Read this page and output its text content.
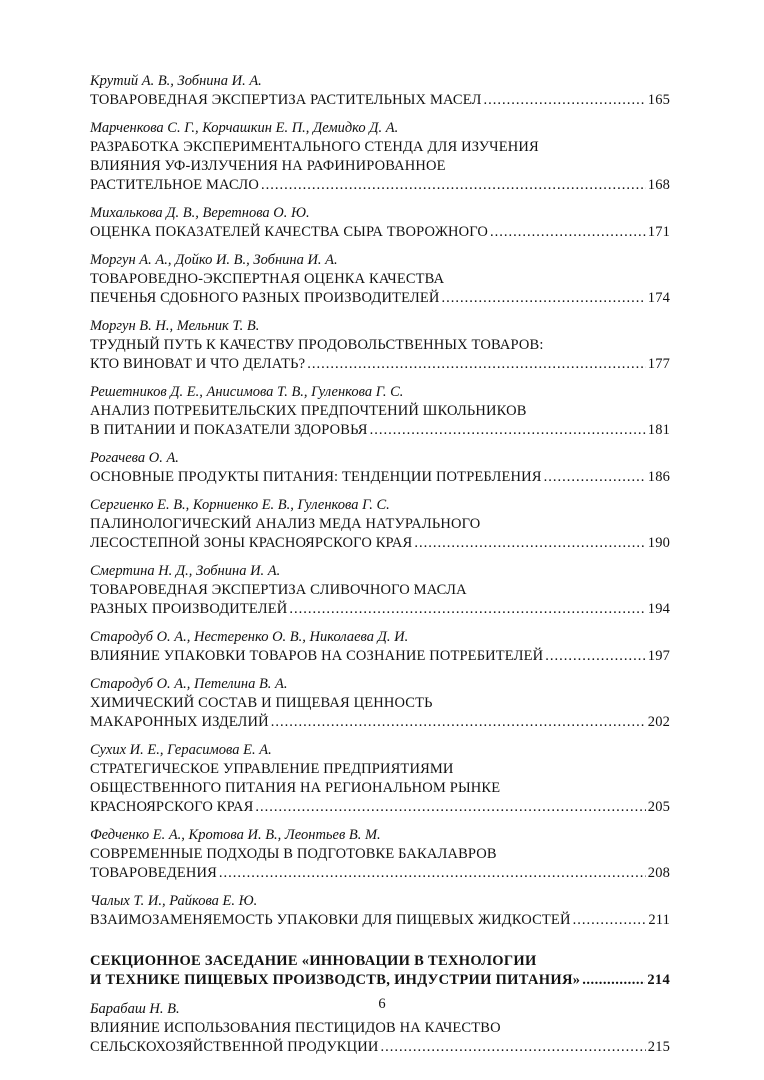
Крутий А. В., Зобнина И. А.
ТОВАРОВЕДНАЯ ЭКСПЕРТИЗА РАСТИТЕЛЬНЫХ МАСЕЛ .....	165
Марченкова С. Г., Корчашкин Е. П., Демидко Д. А.
РАЗРАБОТКА ЭКСПЕРИМЕНТАЛЬНОГО СТЕНДА ДЛЯ ИЗУЧЕНИЯ
ВЛИЯНИЯ УФ-ИЗЛУЧЕНИЯ НА РАФИНИРОВАННОЕ
РАСТИТЕЛЬНОЕ МАСЛО .....	168
Михалькова Д. В., Веретнова О. Ю.
ОЦЕНКА ПОКАЗАТЕЛЕЙ КАЧЕСТВА СЫРА ТВОРОЖНОГО .....	171
Моргун А. А., Дойко И. В., Зобнина И. А.
ТОВАРОВЕДНО-ЭКСПЕРТНАЯ ОЦЕНКА КАЧЕСТВА
ПЕЧЕНЬЯ СДОБНОГО РАЗНЫХ ПРОИЗВОДИТЕЛЕЙ .....	174
Моргун В. Н., Мельник Т. В.
ТРУДНЫЙ ПУТЬ К КАЧЕСТВУ ПРОДОВОЛЬСТВЕННЫХ ТОВАРОВ:
КТО ВИНОВАТ И ЧТО ДЕЛАТЬ? .....	177
Решетников Д. Е., Анисимова Т. В., Гуленкова Г. С.
АНАЛИЗ ПОТРЕБИТЕЛЬСКИХ ПРЕДПОЧТЕНИЙ ШКОЛЬНИКОВ
В ПИТАНИИ И ПОКАЗАТЕЛИ ЗДОРОВЬЯ .....	181
Рогачева О. А.
ОСНОВНЫЕ ПРОДУКТЫ ПИТАНИЯ: ТЕНДЕНЦИИ ПОТРЕБЛЕНИЯ .....	186
Сергиенко Е. В., Корниенко Е. В., Гуленкова Г. С.
ПАЛИНОЛОГИЧЕСКИЙ АНАЛИЗ МЕДА НАТУРАЛЬНОГО
ЛЕСОСТЕПНОЙ ЗОНЫ КРАСНОЯРСКОГО КРАЯ .....	190
Смертина Н. Д., Зобнина И. А.
ТОВАРОВЕДНАЯ ЭКСПЕРТИЗА СЛИВОЧНОГО МАСЛА
РАЗНЫХ ПРОИЗВОДИТЕЛЕЙ .....	194
Стародуб О. А., Нестеренко О. В., Николаева Д. И.
ВЛИЯНИЕ УПАКОВКИ ТОВАРОВ НА СОЗНАНИЕ ПОТРЕБИТЕЛЕЙ .....	197
Стародуб О. А., Петелина В. А.
ХИМИЧЕСКИЙ СОСТАВ И ПИЩЕВАЯ ЦЕННОСТЬ
МАКАРОННЫХ ИЗДЕЛИЙ .....	202
Сухих И. Е., Герасимова Е. А.
СТРАТЕГИЧЕСКОЕ УПРАВЛЕНИЕ ПРЕДПРИЯТИЯМИ
ОБЩЕСТВЕННОГО ПИТАНИЯ НА РЕГИОНАЛЬНОМ РЫНКЕ
КРАСНОЯРСКОГО КРАЯ .....	205
Федченко Е. А., Кротова И. В., Леонтьев В. М.
СОВРЕМЕННЫЕ ПОДХОДЫ В ПОДГОТОВКЕ БАКАЛАВРОВ
ТОВАРОВЕДЕНИЯ .....	208
Чалых Т. И., Райкова Е. Ю.
ВЗАИМОЗАМЕНЯЕМОСТЬ УПАКОВКИ ДЛЯ ПИЩЕВЫХ ЖИДКОСТЕЙ .....	211
СЕКЦИОННОЕ ЗАСЕДАНИЕ «ИННОВАЦИИ В ТЕХНОЛОГИИ
И ТЕХНИКЕ ПИЩЕВЫХ ПРОИЗВОДСТВ, ИНДУСТРИИ ПИТАНИЯ» .....	214
Барабаш Н. В.
ВЛИЯНИЕ ИСПОЛЬЗОВАНИЯ ПЕСТИЦИДОВ НА КАЧЕСТВО
СЕЛЬСКОХОЗЯЙСТВЕННОЙ ПРОДУКЦИИ .....	215
6
